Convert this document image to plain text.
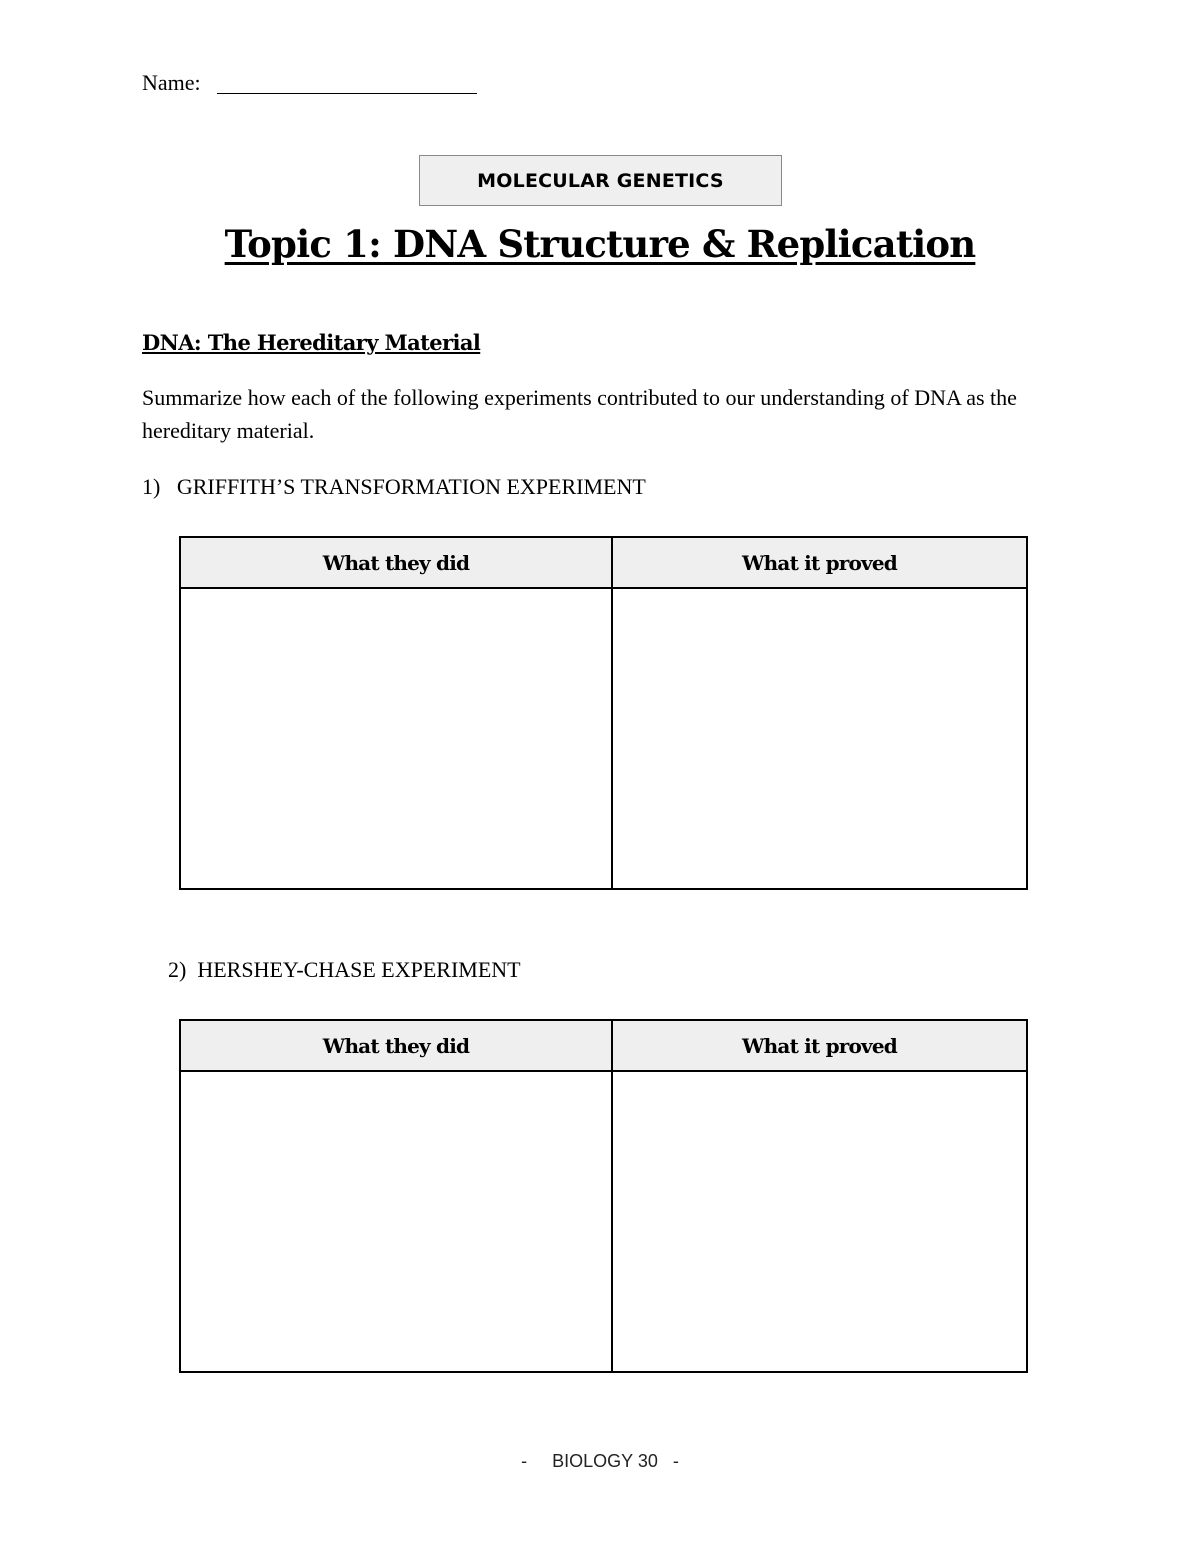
Name:
MOLECULAR GENETICS
Topic 1: DNA Structure & Replication
DNA: The Hereditary Material
Summarize how each of the following experiments contributed to our understanding of DNA as the hereditary material.
1) GRIFFITH’S TRANSFORMATION EXPERIMENT
What they did	What it proved
2) HERSHEY-CHASE EXPERIMENT
What they did	What it proved
- BIOLOGY 30 -
